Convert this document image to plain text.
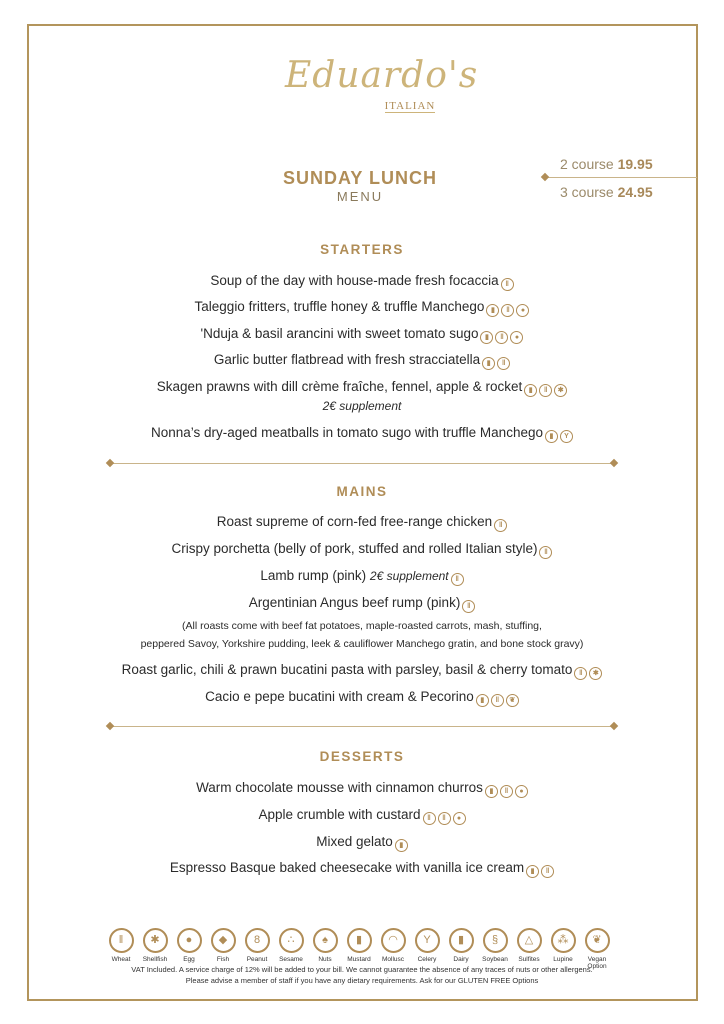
Eduardo's
ITALIAN
SUNDAY LUNCH
MENU
2 course 19.95
3 course 24.95
STARTERS
Soup of the day with house-made fresh focaccia ǁ
Taleggio fritters, truffle honey & truffle Manchego ▮ ǁ ●
'Nduja & basil arancini with sweet tomato sugo ▮ ǁ ●
Garlic butter flatbread with fresh stracciatella ▮ ǁ
Skagen prawns with dill crème fraîche, fennel, apple & rocket ▮ ǁ ✱
2€ supplement
Nonna’s dry-aged meatballs in tomato sugo with truffle Manchego ▮ Y
MAINS
Roast supreme of corn-fed free-range chicken ǁ
Crispy porchetta (belly of pork, stuffed and rolled Italian style) ǁ
Lamb rump (pink) 2€ supplement ǁ
Argentinian Angus beef rump (pink) ǁ
(All roasts come with beef fat potatoes, maple-roasted carrots, mash, stuffing,
peppered Savoy, Yorkshire pudding, leek & cauliflower Manchego gratin, and bone stock gravy)
Roast garlic, chili & prawn bucatini pasta with parsley, basil & cherry tomato ǁ ✱
Cacio e pepe bucatini with cream & Pecorino ▮ ǁ ❦
DESSERTS
Warm chocolate mousse with cinnamon churros ▮ ǁ ●
Apple crumble with custard ǁ ǁ ●
Mixed gelato ▮
Espresso Basque baked cheesecake with vanilla ice cream ▮ ǁ
ǁ
Wheat
✱
Shellfish
●
Egg
◆
Fish
8
Peanut
∴
Sesame
♠
Nuts
▮
Mustard
◠
Mollusc
Y
Celery
▮
Dairy
§
Soybean
△
Sulfites
⁂
Lupine
❦
Vegan Option
VAT Included. A service charge of 12% will be added to your bill. We cannot guarantee the absence of any traces of nuts or other allergens.
Please advise a member of staff if you have any dietary requirements. Ask for our GLUTEN FREE Options
